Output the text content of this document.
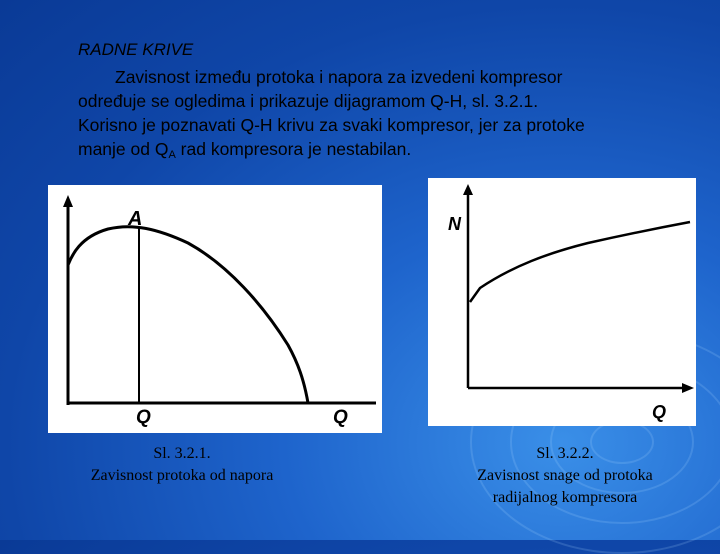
RADNE KRIVE
Zavisnost između protoka i napora za izvedeni kompresor
određuje se ogledima i prikazuje dijagramom Q-H, sl. 3.2.1.
Korisno je poznavati Q-H krivu za svaki kompresor, jer za protoke
manje od $Q_A$ rad kompresora je nestabilan.
A
Q	Q
N
Q
Sl. 3.2.1.
Zavisnost protoka od napora
Sl. 3.2.2.
Zavisnost snage od protoka
radijalnog kompresora
